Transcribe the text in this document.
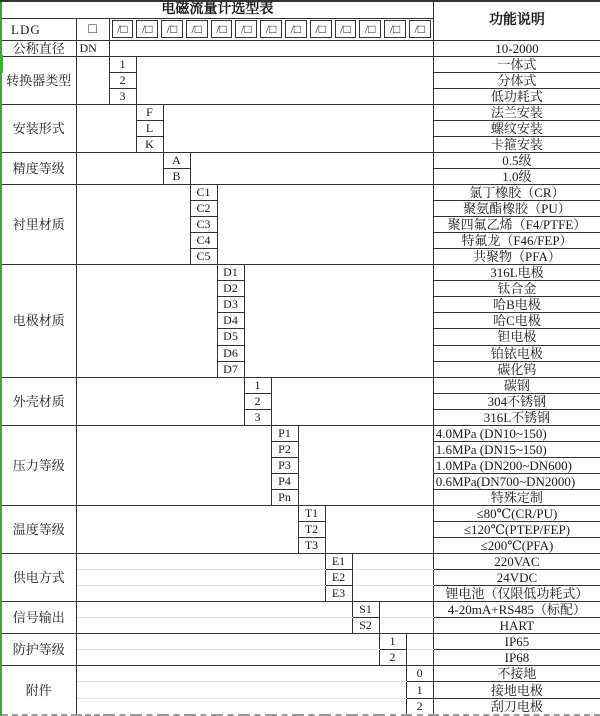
电磁流量计选型表														功能说明
LDG	□	/□	/□	/□	/□	/□	/□	/□	/□	/□	/□	/□	/□	/□

公称直径	DN													10-2000
转换器类型		1												一体式
		2												分体式
		3												低功耗式
安装形式			F											法兰安装
			L											螺纹安装
			K											卡箍安装
精度等级				A										0.5级
				B										1.0级
衬里材质					C1									氯丁橡胶（CR）
					C2									聚氨酯橡胶（PU）
					C3									聚四氟乙烯（F4/PTFE）
					C4									特氟龙（F46/FEP）
					C5									共聚物（PFA）
电极材质						D1								316L电极
						D2								钛合金
						D3								哈B电极
						D4								哈C电极
						D5								钽电极
						D6								铂铱电极
						D7								碳化钨
外壳材质							1							碳钢
							2							304不锈钢
							3							316L不锈钢
压力等级								P1						4.0MPa (DN10~150)
								P2						1.6MPa (DN15~150)
								P3						1.0MPa (DN200~DN600)
								P4						0.6MPa(DN700~DN2000)
								Pn						特殊定制
温度等级									T1					≤80℃(CR/PU)
									T2					≤120℃(PTEP/FEP)
									T3					≤200℃(PFA)
供电方式										E1				220VAC
										E2				24VDC
										E3				锂电池（仅限低功耗式）
信号输出											S1			4-20mA+RS485（标配）
											S2			HART
防护等级												1		IP65
												2		IP68
附件													0	不接地
													1	接地电极
													2	刮刀电极
